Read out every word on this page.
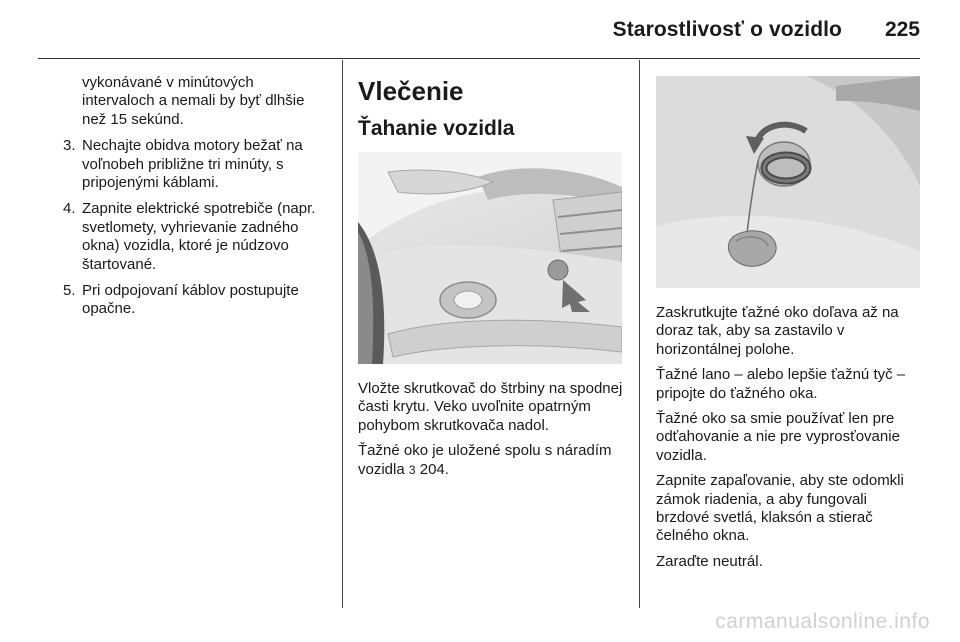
Starostlivosť o vozidlo 225

vykonávané v minútových intervaloch a nemali by byť dlhšie než 15 sekúnd.

3. Nechajte obidva motory bežať na voľnobeh približne tri minúty, s pripojenými káblami.
4. Zapnite elektrické spotrebiče (napr. svetlomety, vyhrievanie zadného okna) vozidla, ktoré je núdzovo štartované.
5. Pri odpojovaní káblov postupujte opačne.
Vlečenie
Ťahanie vozidla

Vložte skrutkovač do štrbiny na spodnej časti krytu. Veko uvoľnite opatrným pohybom skrutkovača nadol.

Ťažné oko je uložené spolu s náradím vozidla 3 204.

Zaskrutkujte ťažné oko doľava až na doraz tak, aby sa zastavilo v horizontálnej polohe.

Ťažné lano – alebo lepšie ťažnú tyč – pripojte do ťažného oka.

Ťažné oko sa smie používať len pre odťahovanie a nie pre vyprosťovanie vozidla.

Zapnite zapaľovanie, aby ste odomkli zámok riadenia, a aby fungovali brzdové svetlá, klaksón a stierač čelného okna.

Zaraďte neutrál.

carmanualsonline.info
